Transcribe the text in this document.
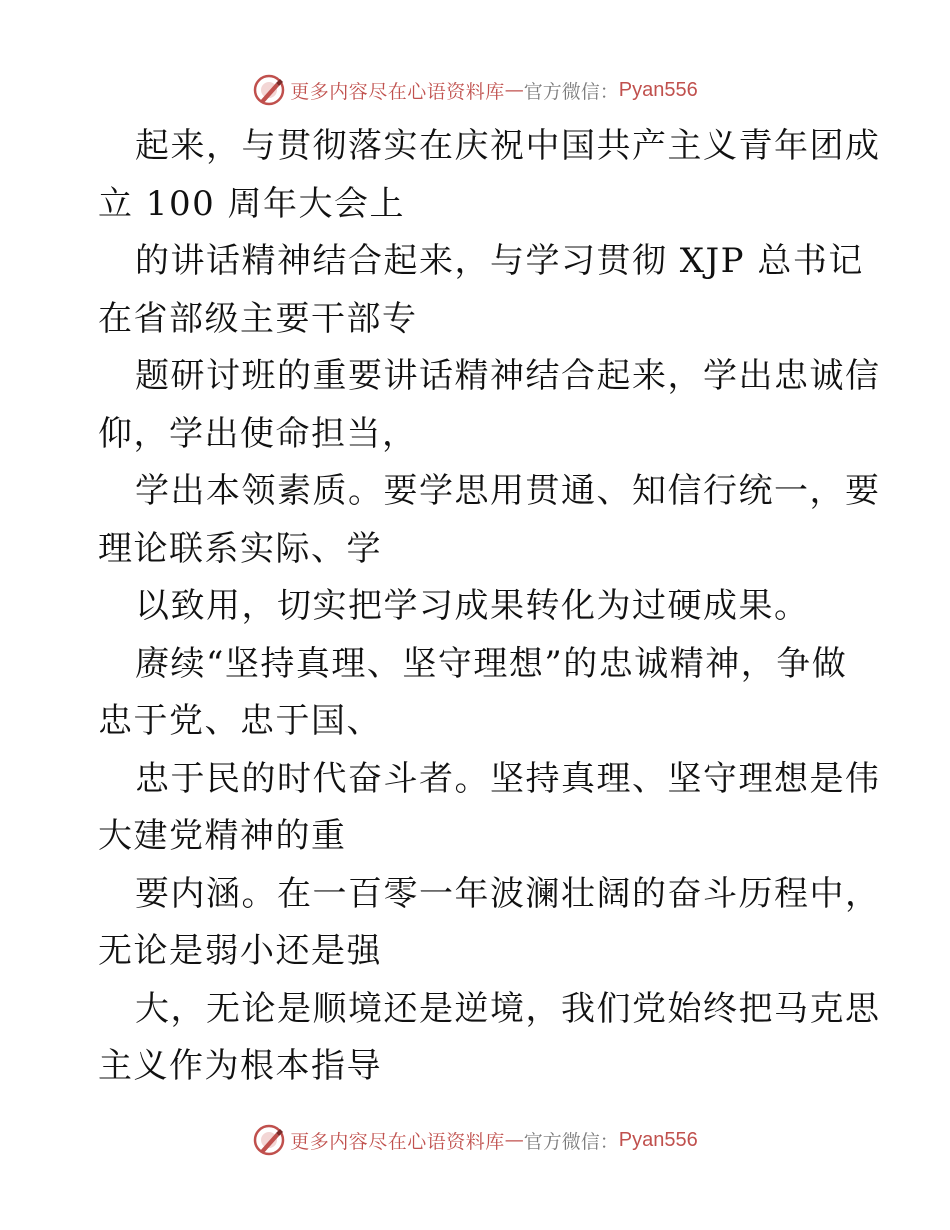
更多内容尽在心语资料库 — 官方微信： Pyan556
起来，与贯彻落实在庆祝中国共产主义青年团成
立 100 周年大会上
的讲话精神结合起来，与学习贯彻 XJP 总书记
在省部级主要干部专
题研讨班的重要讲话精神结合起来，学出忠诚信
仰，学出使命担当，
学出本领素质。要学思用贯通、知信行统一，要
理论联系实际、学
以致用，切实把学习成果转化为过硬成果。
赓续“坚持真理、坚守理想”的忠诚精神，争做
忠于党、忠于国、
忠于民的时代奋斗者。坚持真理、坚守理想是伟
大建党精神的重
要内涵。在一百零一年波澜壮阔的奋斗历程中，
无论是弱小还是强
大，无论是顺境还是逆境，我们党始终把马克思
主义作为根本指导
更多内容尽在心语资料库 — 官方微信： Pyan556
